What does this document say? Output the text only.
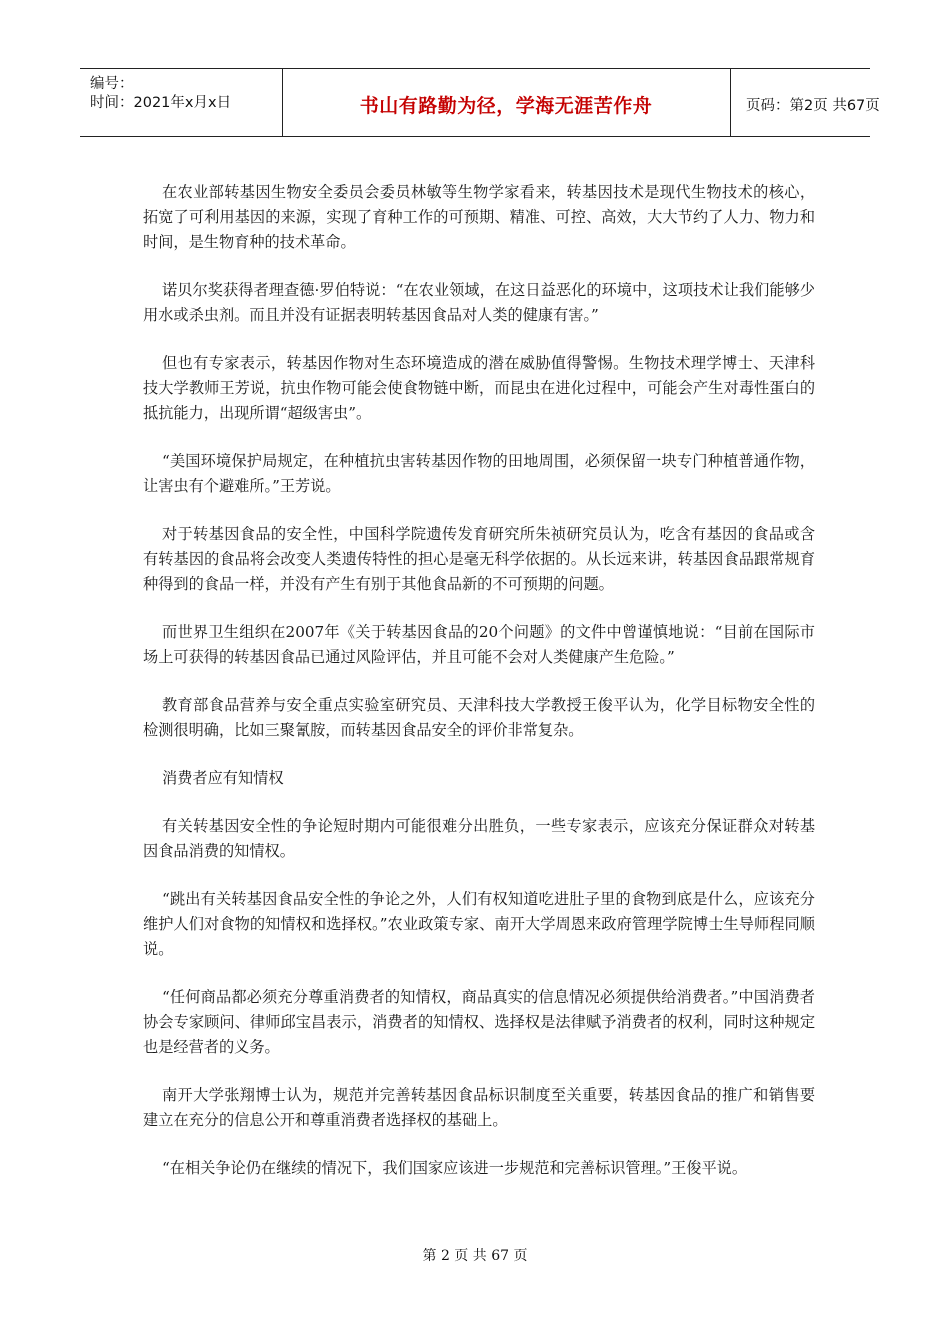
编号：
时间：2021年x月x日	书山有路勤为径，学海无涯苦作舟	页码：第2页 共67页

在农业部转基因生物安全委员会委员林敏等生物学家看来，转基因技术是现代生物技术的核心，拓宽了可利用基因的来源，实现了育种工作的可预期、精准、可控、高效，大大节约了人力、物力和时间，是生物育种的技术革命。

诺贝尔奖获得者理查德·罗伯特说：“在农业领域，在这日益恶化的环境中，这项技术让我们能够少用水或杀虫剂。而且并没有证据表明转基因食品对人类的健康有害。”

但也有专家表示，转基因作物对生态环境造成的潜在威胁值得警惕。生物技术理学博士、天津科技大学教师王芳说，抗虫作物可能会使食物链中断，而昆虫在进化过程中，可能会产生对毒性蛋白的抵抗能力，出现所谓“超级害虫”。

“美国环境保护局规定，在种植抗虫害转基因作物的田地周围，必须保留一块专门种植普通作物，让害虫有个避难所。”王芳说。

对于转基因食品的安全性，中国科学院遗传发育研究所朱祯研究员认为，吃含有基因的食品或含有转基因的食品将会改变人类遗传特性的担心是毫无科学依据的。从长远来讲，转基因食品跟常规育种得到的食品一样，并没有产生有别于其他食品新的不可预期的问题。

而世界卫生组织在2007年《关于转基因食品的20个问题》的文件中曾谨慎地说：“目前在国际市场上可获得的转基因食品已通过风险评估，并且可能不会对人类健康产生危险。”

教育部食品营养与安全重点实验室研究员、天津科技大学教授王俊平认为，化学目标物安全性的检测很明确，比如三聚氰胺，而转基因食品安全的评价非常复杂。

消费者应有知情权

有关转基因安全性的争论短时期内可能很难分出胜负，一些专家表示，应该充分保证群众对转基因食品消费的知情权。

“跳出有关转基因食品安全性的争论之外，人们有权知道吃进肚子里的食物到底是什么，应该充分维护人们对食物的知情权和选择权。”农业政策专家、南开大学周恩来政府管理学院博士生导师程同顺说。

“任何商品都必须充分尊重消费者的知情权，商品真实的信息情况必须提供给消费者。”中国消费者协会专家顾问、律师邱宝昌表示，消费者的知情权、选择权是法律赋予消费者的权利，同时这种规定也是经营者的义务。

南开大学张翔博士认为，规范并完善转基因食品标识制度至关重要，转基因食品的推广和销售要建立在充分的信息公开和尊重消费者选择权的基础上。

“在相关争论仍在继续的情况下，我们国家应该进一步规范和完善标识管理。”王俊平说。

第 2 页 共 67 页
